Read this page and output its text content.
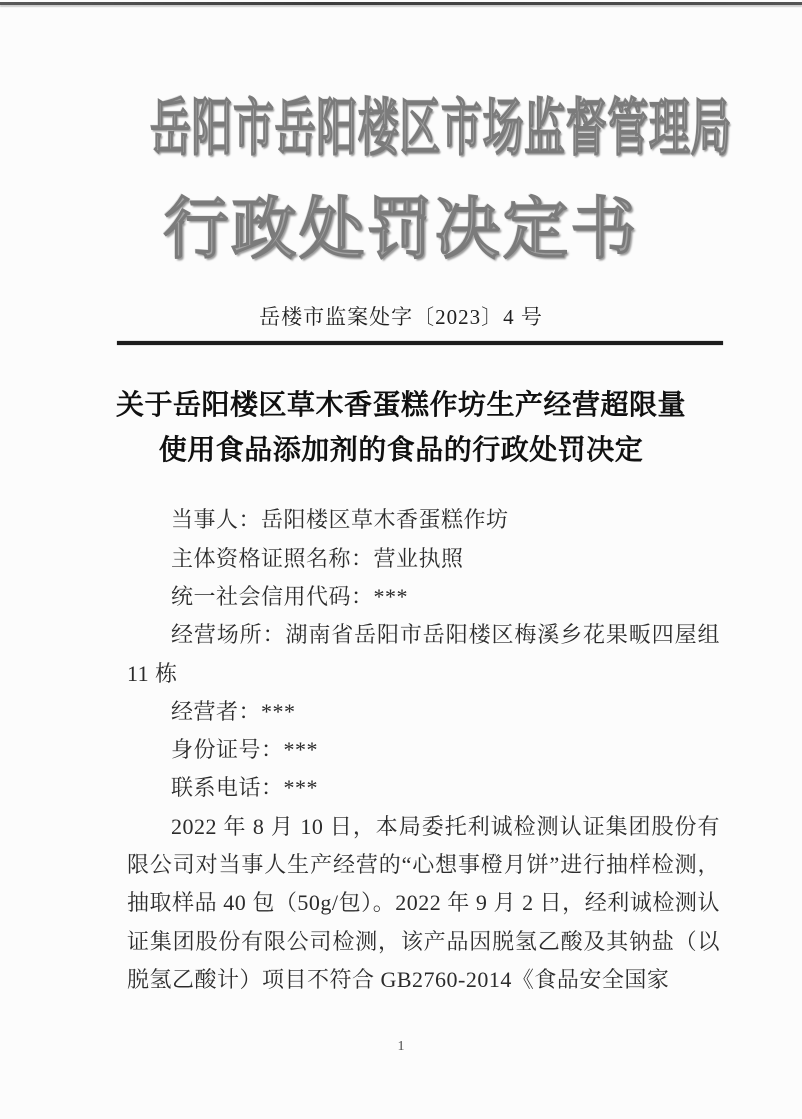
岳阳市岳阳楼区市场监督管理局
行政处罚决定书
岳楼市监案处字〔2023〕4 号
关于岳阳楼区草木香蛋糕作坊生产经营超限量
使用食品添加剂的食品的行政处罚决定

当事人：岳阳楼区草木香蛋糕作坊

主体资格证照名称：营业执照

统一社会信用代码：***

经营场所：湖南省岳阳市岳阳楼区梅溪乡花果畈四屋组 11 栋

经营者：***

身份证号：***

联系电话：***

2022 年 8 月 10 日，本局委托利诚检测认证集团股份有限公司对当事人生产经营的“心想事橙月饼”进行抽样检测，抽取样品 40 包（50g/包）。2022 年 9 月 2 日，经利诚检测认证集团股份有限公司检测，该产品因脱氢乙酸及其钠盐（以脱氢乙酸计）项目不符合 GB2760-2014《食品安全国家

1
